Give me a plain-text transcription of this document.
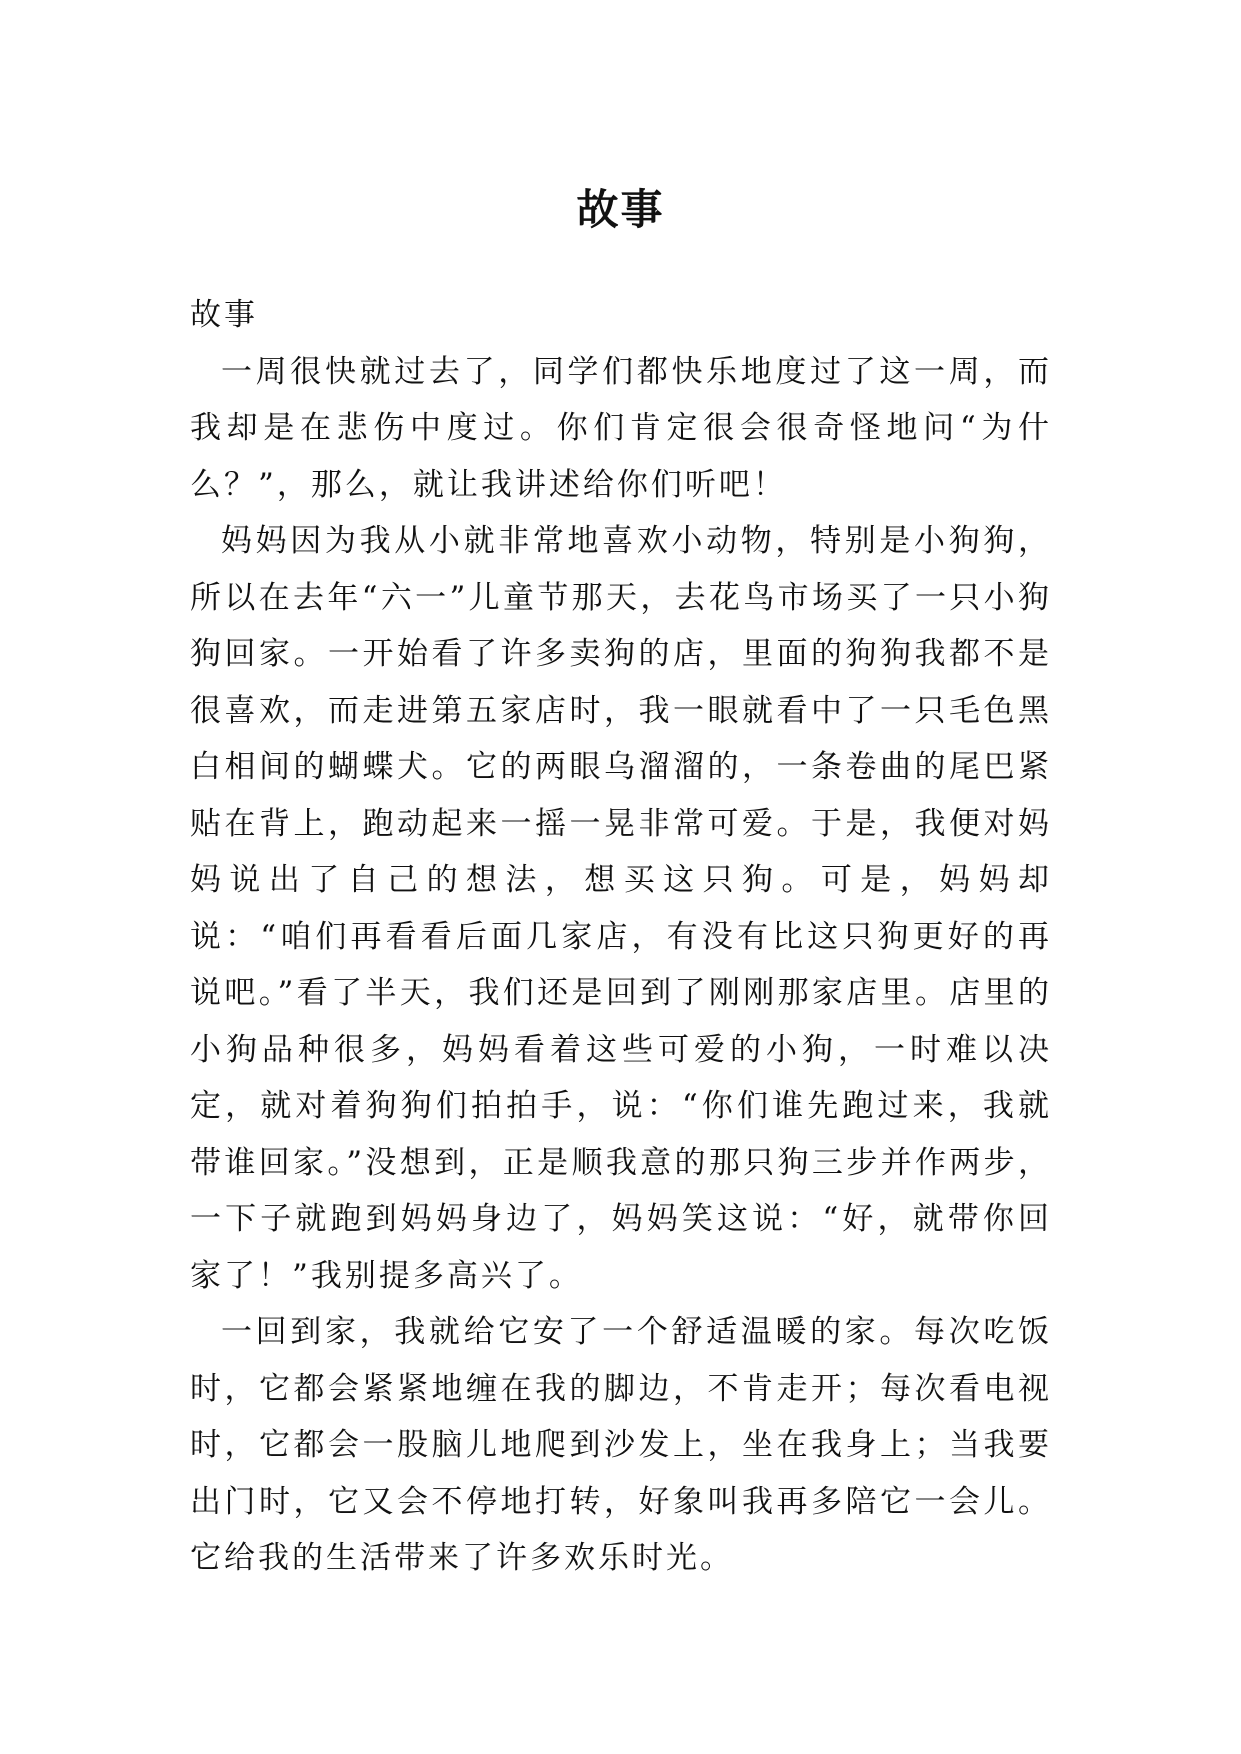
故事

故事

一周很快就过去了，同学们都快乐地度过了这一周，而我却是在悲伤中度过。你们肯定很会很奇怪地问“为什么？”，那么，就让我讲述给你们听吧！

妈妈因为我从小就非常地喜欢小动物，特别是小狗狗，所以在去年“六一”儿童节那天，去花鸟市场买了一只小狗狗回家。一开始看了许多卖狗的店，里面的狗狗我都不是很喜欢，而走进第五家店时，我一眼就看中了一只毛色黑白相间的蝴蝶犬。它的两眼乌溜溜的，一条卷曲的尾巴紧贴在背上，跑动起来一摇一晃非常可爱。于是，我便对妈妈说出了自己的想法，想买这只狗。可是，妈妈却说：“咱们再看看后面几家店，有没有比这只狗更好的再说吧。”看了半天，我们还是回到了刚刚那家店里。店里的小狗品种很多，妈妈看着这些可爱的小狗，一时难以决定，就对着狗狗们拍拍手，说：“你们谁先跑过来，我就带谁回家。”没想到，正是顺我意的那只狗三步并作两步，一下子就跑到妈妈身边了，妈妈笑这说：“好，就带你回家了！”我别提多高兴了。

一回到家，我就给它安了一个舒适温暖的家。每次吃饭时，它都会紧紧地缠在我的脚边，不肯走开；每次看电视时，它都会一股脑儿地爬到沙发上，坐在我身上；当我要出门时，它又会不停地打转，好象叫我再多陪它一会儿。它给我的生活带来了许多欢乐时光。
